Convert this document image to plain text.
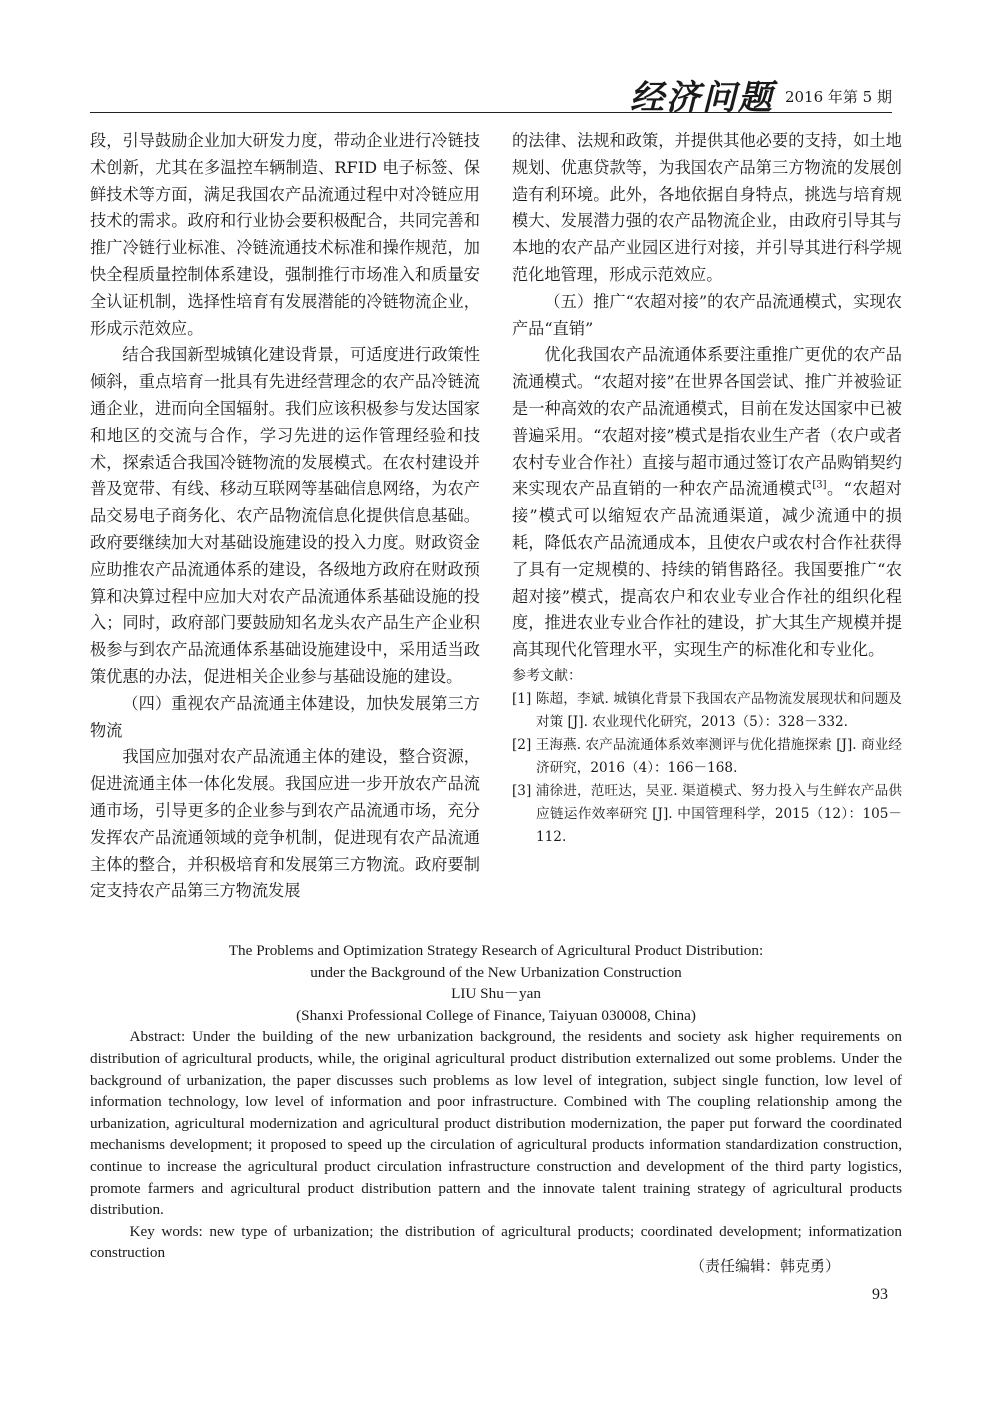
经济问题 2016 年第 5 期

段，引导鼓励企业加大研发力度，带动企业进行冷链技术创新，尤其在多温控车辆制造、RFID 电子标签、保鲜技术等方面，满足我国农产品流通过程中对冷链应用技术的需求。政府和行业协会要积极配合，共同完善和推广冷链行业标准、冷链流通技术标准和操作规范，加快全程质量控制体系建设，强制推行市场准入和质量安全认证机制，选择性培育有发展潜能的冷链物流企业，形成示范效应。

结合我国新型城镇化建设背景，可适度进行政策性倾斜，重点培育一批具有先进经营理念的农产品冷链流通企业，进而向全国辐射。我们应该积极参与发达国家和地区的交流与合作，学习先进的运作管理经验和技术，探索适合我国冷链物流的发展模式。在农村建设并普及宽带、有线、移动互联网等基础信息网络，为农产品交易电子商务化、农产品物流信息化提供信息基础。政府要继续加大对基础设施建设的投入力度。财政资金应助推农产品流通体系的建设，各级地方政府在财政预算和决算过程中应加大对农产品流通体系基础设施的投入；同时，政府部门要鼓励知名龙头农产品生产企业积极参与到农产品流通体系基础设施建设中，采用适当政策优惠的办法，促进相关企业参与基础设施的建设。

（四）重视农产品流通主体建设，加快发展第三方物流

我国应加强对农产品流通主体的建设，整合资源，促进流通主体一体化发展。我国应进一步开放农产品流通市场，引导更多的企业参与到农产品流通市场，充分发挥农产品流通领域的竞争机制，促进现有农产品流通主体的整合，并积极培育和发展第三方物流。政府要制定支持农产品第三方物流发展

的法律、法规和政策，并提供其他必要的支持，如土地规划、优惠贷款等，为我国农产品第三方物流的发展创造有利环境。此外，各地依据自身特点，挑选与培育规模大、发展潜力强的农产品物流企业，由政府引导其与本地的农产品产业园区进行对接，并引导其进行科学规范化地管理，形成示范效应。

（五）推广“农超对接”的农产品流通模式，实现农产品“直销”

优化我国农产品流通体系要注重推广更优的农产品流通模式。“农超对接”在世界各国尝试、推广并被验证是一种高效的农产品流通模式，目前在发达国家中已被普遍采用。“农超对接”模式是指农业生产者（农户或者农村专业合作社）直接与超市通过签订农产品购销契约来实现农产品直销的一种农产品流通模式[3]。“农超对接”模式可以缩短农产品流通渠道，减少流通中的损耗，降低农产品流通成本，且使农户或农村合作社获得了具有一定规模的、持续的销售路径。我国要推广“农超对接”模式，提高农户和农业专业合作社的组织化程度，推进农业专业合作社的建设，扩大其生产规模并提高其现代化管理水平，实现生产的标准化和专业化。

参考文献：

[1] 陈超，李斌. 城镇化背景下我国农产品物流发展现状和问题及对策 [J]. 农业现代化研究，2013（5）：328－332.

[2] 王海燕. 农产品流通体系效率测评与优化措施探索 [J]. 商业经济研究，2016（4）：166－168.

[3] 浦徐进，范旺达，吴亚. 渠道模式、努力投入与生鲜农产品供应链运作效率研究 [J]. 中国管理科学，2015（12）：105－112.

The Problems and Optimization Strategy Research of Agricultural Product Distribution:

under the Background of the New Urbanization Construction

LIU Shu－yan

(Shanxi Professional College of Finance, Taiyuan 030008, China)

Abstract: Under the building of the new urbanization background, the residents and society ask higher requirements on distribution of agricultural products, while, the original agricultural product distribution externalized out some problems. Under the background of urbanization, the paper discusses such problems as low level of integration, subject single function, low level of information technology, low level of information and poor infrastructure. Combined with The coupling relationship among the urbanization, agricultural modernization and agricultural product distribution modernization, the paper put forward the coordinated mechanisms development; it proposed to speed up the circulation of agricultural products information standardization construction, continue to increase the agricultural product circulation infrastructure construction and development of the third party logistics, promote farmers and agricultural product distribution pattern and the innovate talent training strategy of agricultural products distribution.

Key words: new type of urbanization; the distribution of agricultural products; coordinated development; informatization construction

（责任编辑：韩克勇）
93
